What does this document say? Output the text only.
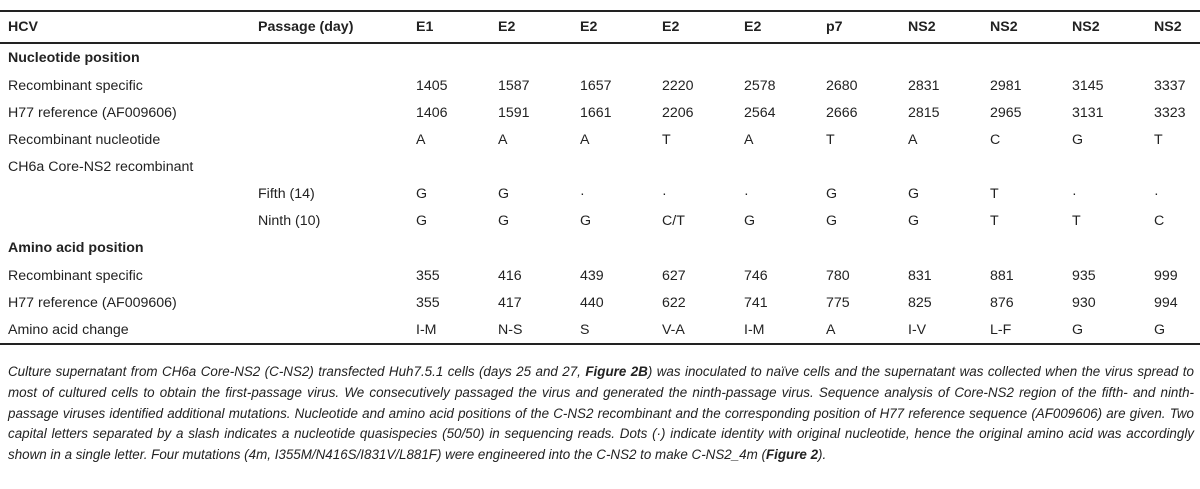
HCV	Passage (day)	E1	E2	E2	E2	E2	p7	NS2	NS2	NS2	NS2
Nucleotide position											
Recombinant specific		1405	1587	1657	2220	2578	2680	2831	2981	3145	3337
H77 reference (AF009606)		1406	1591	1661	2206	2564	2666	2815	2965	3131	3323
Recombinant nucleotide		A	A	A	T	A	T	A	C	G	T
CH6a Core-NS2 recombinant											
	Fifth (14)	G	G	·	·	·	G	G	T	·	·
	Ninth (10)	G	G	G	C/T	G	G	G	T	T	C
Amino acid position											
Recombinant specific		355	416	439	627	746	780	831	881	935	999
H77 reference (AF009606)		355	417	440	622	741	775	825	876	930	994
Amino acid change		I-M	N-S	S	V-A	I-M	A	I-V	L-F	G	G
Culture supernatant from CH6a Core-NS2 (C-NS2) transfected Huh7.5.1 cells (days 25 and 27, Figure 2B) was inoculated to naïve cells and the supernatant was collected when the virus spread to most of cultured cells to obtain the first-passage virus. We consecutively passaged the virus and generated the ninth-passage virus. Sequence analysis of Core-NS2 region of the fifth- and ninth-passage viruses identified additional mutations. Nucleotide and amino acid positions of the C-NS2 recombinant and the corresponding position of H77 reference sequence (AF009606) are given. Two capital letters separated by a slash indicates a nucleotide quasispecies (50/50) in sequencing reads. Dots (·) indicate identity with original nucleotide, hence the original amino acid was accordingly shown in a single letter. Four mutations (4m, I355M/N416S/I831V/L881F) were engineered into the C-NS2 to make C-NS2_4m (Figure 2).
